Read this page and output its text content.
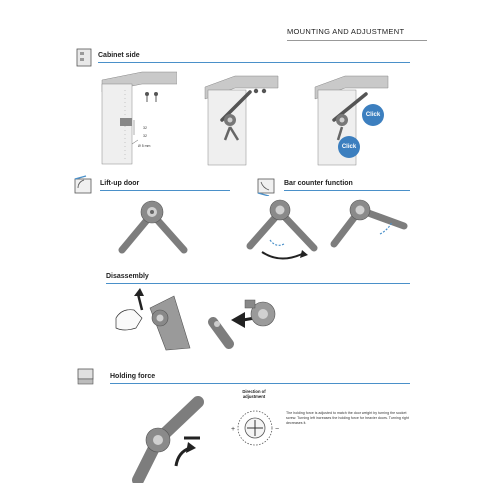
MOUNTING AND ADJUSTMENT
Cabinet side
32
32
Ø 5 mm
Click
Click
Lift-up door	Bar counter function
Disassembly
Holding force
Direction of adjustment
+	−
The holding force is adjusted to match the door weight by turning the socket screw. Turning left increases the holding force for heavier doors. Turning right decreases it.
